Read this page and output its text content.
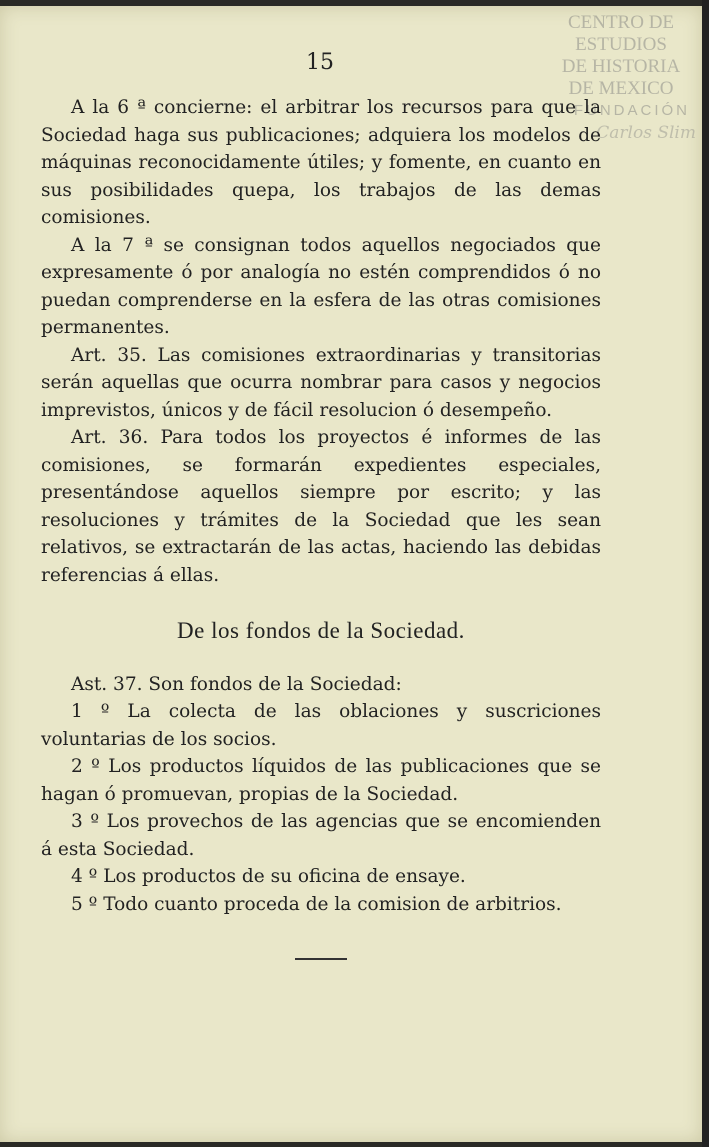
CENTRO DE
ESTUDIOS
DE HISTORIA
DE MEXICO
FUNDACIÓN
Carlos Slim
15

A la 6 ª concierne: el arbitrar los recursos para que la Sociedad haga sus publicaciones; adquiera los modelos de máquinas reconocidamente útiles; y fomente, en cuanto en sus posibilidades quepa, los trabajos de las demas comisiones.

A la 7 ª se consignan todos aquellos negociados que expresamente ó por analogía no estén comprendidos ó no puedan comprenderse en la esfera de las otras comisiones permanentes.

Art. 35. Las comisiones extraordinarias y transitorias serán aquellas que ocurra nombrar para casos y negocios imprevistos, únicos y de fácil resolucion ó desempeño.

Art. 36. Para todos los proyectos é informes de las comisiones, se formarán expedientes especiales, presentándose aquellos siempre por escrito; y las resoluciones y trámites de la Sociedad que les sean relativos, se extractarán de las actas, haciendo las debidas referencias á ellas.

De los fondos de la Sociedad.

Ast. 37. Son fondos de la Sociedad:

1 º La colecta de las oblaciones y suscriciones voluntarias de los socios.

2 º Los productos líquidos de las publicaciones que se hagan ó promuevan, propias de la Sociedad.

3 º Los provechos de las agencias que se encomienden á esta Sociedad.

4 º Los productos de su oficina de ensaye.

5 º Todo cuanto proceda de la comision de arbitrios.
